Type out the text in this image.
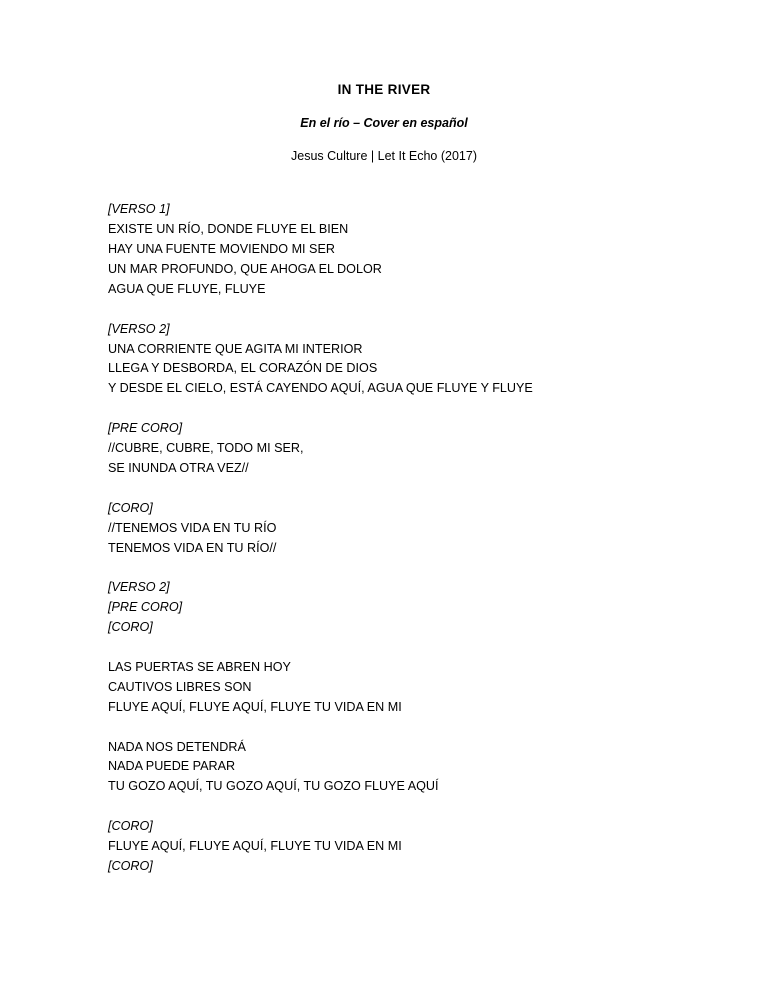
IN THE RIVER
En el río – Cover en español

Jesus Culture | Let It Echo (2017)

[VERSO 1]
EXISTE UN RÍO, DONDE FLUYE EL BIEN
HAY UNA FUENTE MOVIENDO MI SER
UN MAR PROFUNDO, QUE AHOGA EL DOLOR
AGUA QUE FLUYE, FLUYE
[VERSO 2]
UNA CORRIENTE QUE AGITA MI INTERIOR
LLEGA Y DESBORDA, EL CORAZÓN DE DIOS
Y DESDE EL CIELO, ESTÁ CAYENDO AQUÍ, AGUA QUE FLUYE Y FLUYE
[PRE CORO]
//CUBRE, CUBRE, TODO MI SER,
SE INUNDA OTRA VEZ//
[CORO]
//TENEMOS VIDA EN TU RÍO
TENEMOS VIDA EN TU RÍO//
[VERSO 2]
[PRE CORO]
[CORO]
LAS PUERTAS SE ABREN HOY
CAUTIVOS LIBRES SON
FLUYE AQUÍ, FLUYE AQUÍ, FLUYE TU VIDA EN MI
NADA NOS DETENDRÁ
NADA PUEDE PARAR
TU GOZO AQUÍ, TU GOZO AQUÍ, TU GOZO FLUYE AQUÍ
[CORO]
FLUYE AQUÍ, FLUYE AQUÍ, FLUYE TU VIDA EN MI
[CORO]
